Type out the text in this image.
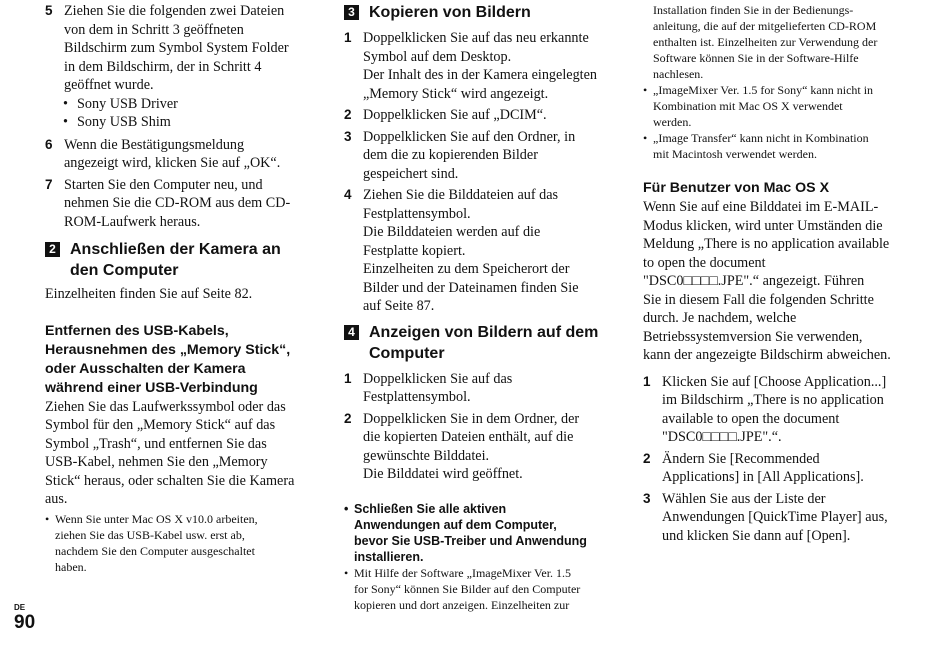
5 Ziehen Sie die folgenden zwei Dateien
von dem in Schritt 3 geöffneten
Bildschirm zum Symbol System Folder
in dem Bildschirm, der in Schritt 4
geöffnet wurde.
• Sony USB Driver
• Sony USB Shim
6 Wenn die Bestätigungsmeldung
angezeigt wird, klicken Sie auf „OK“.
7 Starten Sie den Computer neu, und
nehmen Sie die CD-ROM aus dem CD-
ROM-Laufwerk heraus.
2 Anschließen der Kamera an
den Computer
Einzelheiten finden Sie auf Seite 82.
Entfernen des USB-Kabels,
Herausnehmen des „Memory Stick“,
oder Ausschalten der Kamera
während einer USB-Verbindung
Ziehen Sie das Laufwerkssymbol oder das
Symbol für den „Memory Stick“ auf das
Symbol „Trash“, und entfernen Sie das
USB-Kabel, nehmen Sie den „Memory
Stick“ heraus, oder schalten Sie die Kamera
aus.
• Wenn Sie unter Mac OS X v10.0 arbeiten,
ziehen Sie das USB-Kabel usw. erst ab,
nachdem Sie den Computer ausgeschaltet
haben.
3 Kopieren von Bildern
1 Doppelklicken Sie auf das neu erkannte
Symbol auf dem Desktop.
Der Inhalt des in der Kamera eingelegten
„Memory Stick“ wird angezeigt.
2 Doppelklicken Sie auf „DCIM“.
3 Doppelklicken Sie auf den Ordner, in
dem die zu kopierenden Bilder
gespeichert sind.
4 Ziehen Sie die Bilddateien auf das
Festplattensymbol.
Die Bilddateien werden auf die
Festplatte kopiert.
Einzelheiten zu dem Speicherort der
Bilder und der Dateinamen finden Sie
auf Seite 87.
4 Anzeigen von Bildern auf dem
Computer
1 Doppelklicken Sie auf das
Festplattensymbol.
2 Doppelklicken Sie in dem Ordner, der
die kopierten Dateien enthält, auf die
gewünschte Bilddatei.
Die Bilddatei wird geöffnet.
• Schließen Sie alle aktiven
Anwendungen auf dem Computer,
bevor Sie USB-Treiber und Anwendung
installieren.
• Mit Hilfe der Software „ImageMixer Ver. 1.5
for Sony“ können Sie Bilder auf den Computer
kopieren und dort anzeigen. Einzelheiten zur
Installation finden Sie in der Bedienungs-
anleitung, die auf der mitgelieferten CD-ROM
enthalten ist. Einzelheiten zur Verwendung der
Software können Sie in der Software-Hilfe
nachlesen.
• „ImageMixer Ver. 1.5 for Sony“ kann nicht in
Kombination mit Mac OS X verwendet
werden.
• „Image Transfer“ kann nicht in Kombination
mit Macintosh verwendet werden.
Für Benutzer von Mac OS X
Wenn Sie auf eine Bilddatei im E-MAIL-
Modus klicken, wird unter Umständen die
Meldung „There is no application available
to open the document
"DSC0□□□□.JPE".“ angezeigt. Führen
Sie in diesem Fall die folgenden Schritte
durch. Je nachdem, welche
Betriebssystemversion Sie verwenden,
kann der angezeigte Bildschirm abweichen.
1 Klicken Sie auf [Choose Application...]
im Bildschirm „There is no application
available to open the document
"DSC0□□□□.JPE".“.
2 Ändern Sie [Recommended
Applications] in [All Applications].
3 Wählen Sie aus der Liste der
Anwendungen [QuickTime Player] aus,
und klicken Sie dann auf [Open].
DE
90
